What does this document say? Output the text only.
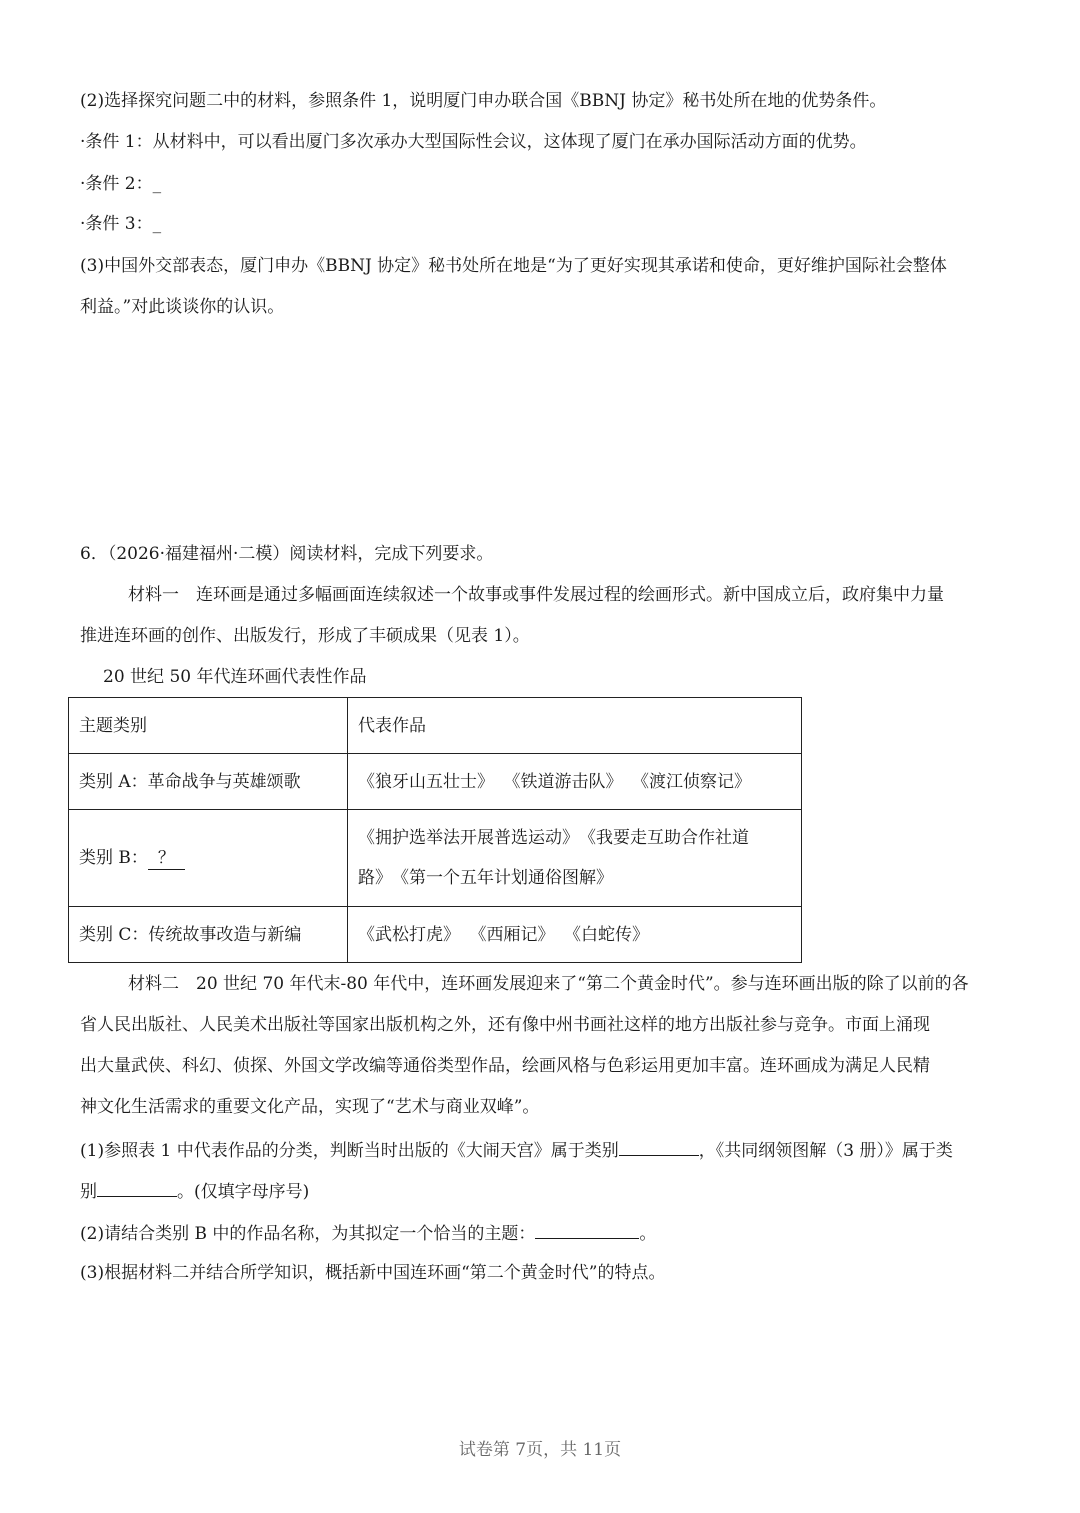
(2)选择探究问题二中的材料，参照条件 1，说明厦门申办联合国《BBNJ 协定》秘书处所在地的优势条件。
·条件 1：从材料中，可以看出厦门多次承办大型国际性会议，这体现了厦门在承办国际活动方面的优势。
·条件 2：_
·条件 3：_
(3)中国外交部表态，厦门申办《BBNJ 协定》秘书处所在地是“为了更好实现其承诺和使命，更好维护国际社会整体
利益。”对此谈谈你的认识。
6．（2026·福建福州·二模）阅读材料，完成下列要求。
材料一　连环画是通过多幅画面连续叙述一个故事或事件发展过程的绘画形式。新中国成立后，政府集中力量
推进连环画的创作、出版发行，形成了丰硕成果（见表 1）。
20 世纪 50 年代连环画代表性作品
主题类别	代表作品
类别 A：革命战争与英雄颂歌	《狼牙山五壮士》 《铁道游击队》 《渡江侦察记》
类别 B： ？	《拥护选举法开展普选运动》　《我要走互助合作社道
路》　《第一个五年计划通俗图解》

类别 C：传统故事改造与新编	《武松打虎》 《西厢记》 《白蛇传》
材料二　20 世纪 70 年代末-80 年代中，连环画发展迎来了“第二个黄金时代”。参与连环画出版的除了以前的各
省人民出版社、人民美术出版社等国家出版机构之外，还有像中州书画社这样的地方出版社参与竞争。市面上涌现
出大量武侠、科幻、侦探、外国文学改编等通俗类型作品，绘画风格与色彩运用更加丰富。连环画成为满足人民精
神文化生活需求的重要文化产品，实现了“艺术与商业双峰”。
(1)参照表 1 中代表作品的分类，判断当时出版的《大闹天宫》属于类别	，《共同纲领图解（3 册）》属于类
别	。(仅填字母序号)
(2)请结合类别 B 中的作品名称，为其拟定一个恰当的主题：	。
(3)根据材料二并结合所学知识，概括新中国连环画“第二个黄金时代”的特点。
试卷第 7页，共 11页
